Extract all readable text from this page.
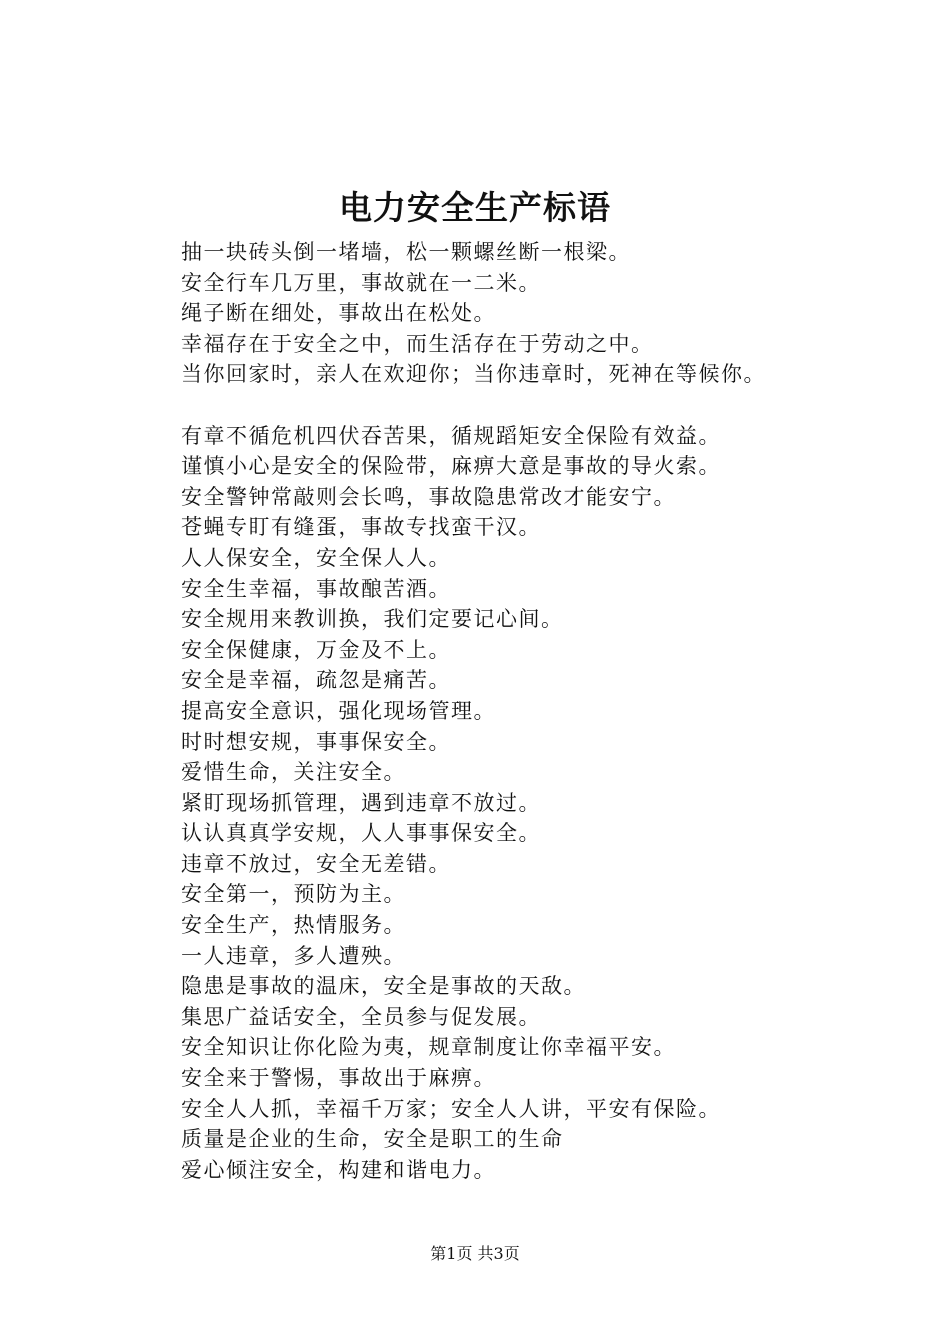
电力安全生产标语
抽一块砖头倒一堵墙，松一颗螺丝断一根梁。
安全行车几万里，事故就在一二米。
绳子断在细处，事故出在松处。
幸福存在于安全之中，而生活存在于劳动之中。
当你回家时，亲人在欢迎你；当你违章时，死神在等候你。
有章不循危机四伏吞苦果，循规蹈矩安全保险有效益。
谨慎小心是安全的保险带，麻痹大意是事故的导火索。
安全警钟常敲则会长鸣，事故隐患常改才能安宁。
苍蝇专盯有缝蛋，事故专找蛮干汉。
人人保安全，安全保人人。
安全生幸福，事故酿苦酒。
安全规用来教训换，我们定要记心间。
安全保健康，万金及不上。
安全是幸福，疏忽是痛苦。
提高安全意识，强化现场管理。
时时想安规，事事保安全。
爱惜生命，关注安全。
紧盯现场抓管理，遇到违章不放过。
认认真真学安规，人人事事保安全。
违章不放过，安全无差错。
安全第一，预防为主。
安全生产，热情服务。
一人违章，多人遭殃。
隐患是事故的温床，安全是事故的天敌。
集思广益话安全，全员参与促发展。
安全知识让你化险为夷，规章制度让你幸福平安。
安全来于警惕，事故出于麻痹。
安全人人抓，幸福千万家；安全人人讲，平安有保险。
质量是企业的生命，安全是职工的生命
爱心倾注安全，构建和谐电力。
第1页 共3页
